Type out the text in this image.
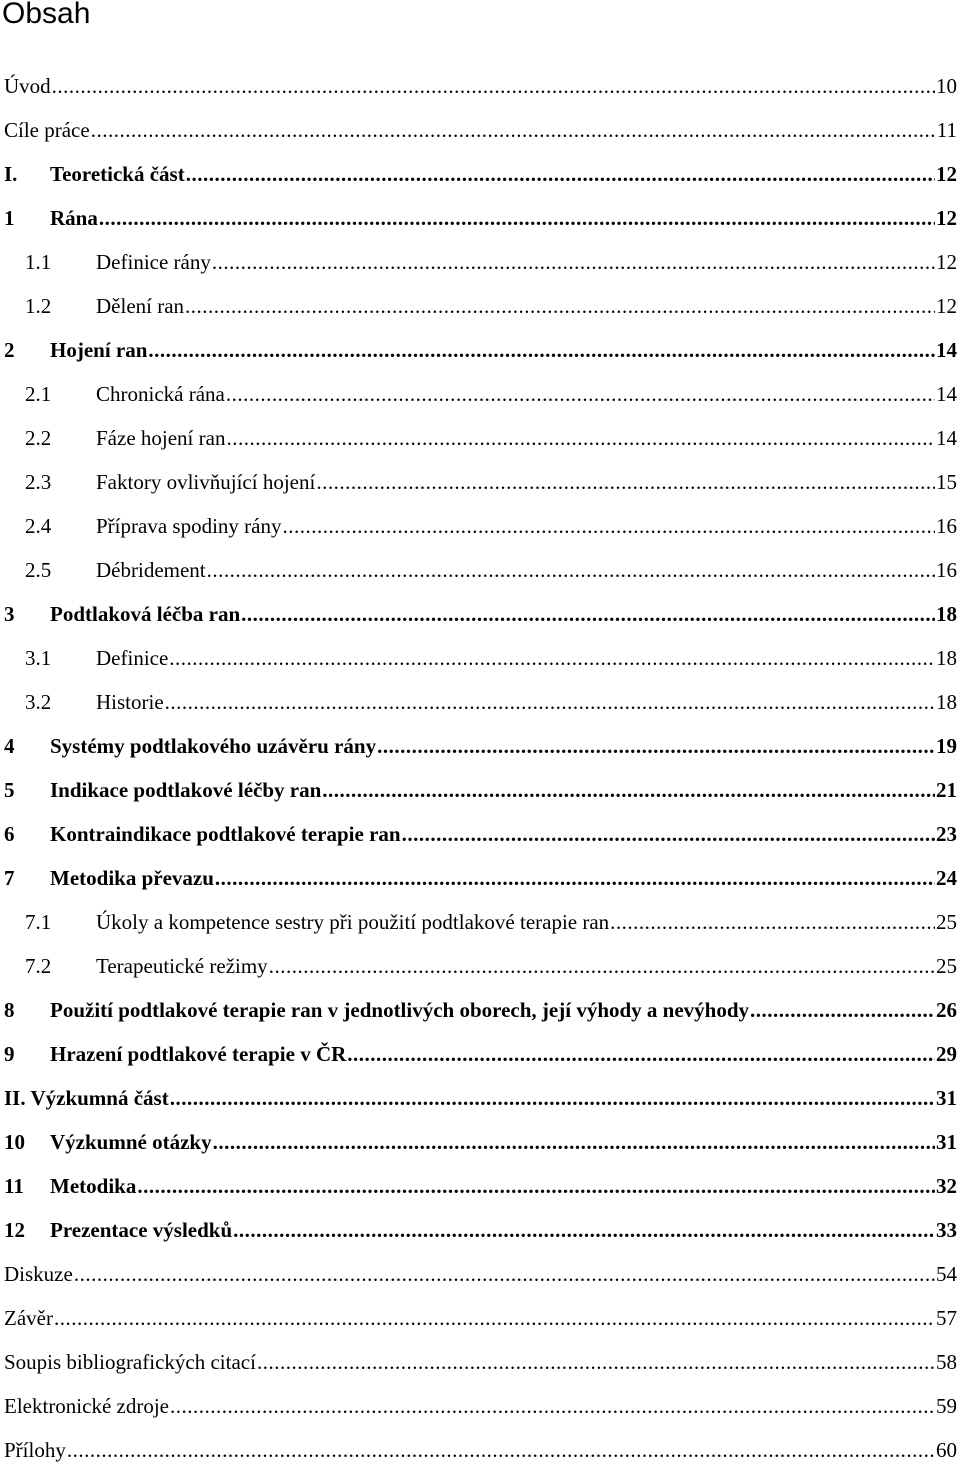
Obsah
Úvod .....	10
Cíle práce .....	11
I.	Teoretická část .....	12
1	Rána .....	12
1.1	Definice rány .....	12
1.2	Dělení ran .....	12
2	Hojení ran .....	14
2.1	Chronická rána .....	14
2.2	Fáze hojení ran .....	14
2.3	Faktory ovlivňující hojení .....	15
2.4	Příprava spodiny rány .....	16
2.5	Débridement .....	16
3	Podtlaková léčba ran .....	18
3.1	Definice .....	18
3.2	Historie .....	18
4	Systémy podtlakového uzávěru rány .....	19
5	Indikace podtlakové léčby ran .....	21
6	Kontraindikace podtlakové terapie ran .....	23
7	Metodika převazu .....	24
7.1	Úkoly a kompetence sestry při použití podtlakové terapie ran .....	25
7.2	Terapeutické režimy .....	25
8	Použití podtlakové terapie ran v jednotlivých oborech, její výhody a nevýhody .....	26
9	Hrazení podtlakové terapie v ČR .....	29
II. Výzkumná část .....	31
10	Výzkumné otázky .....	31
11	Metodika .....	32
12	Prezentace výsledků .....	33
Diskuze .....	54
Závěr .....	57
Soupis bibliografických citací .....	58
Elektronické zdroje .....	59
Přílohy .....	60
